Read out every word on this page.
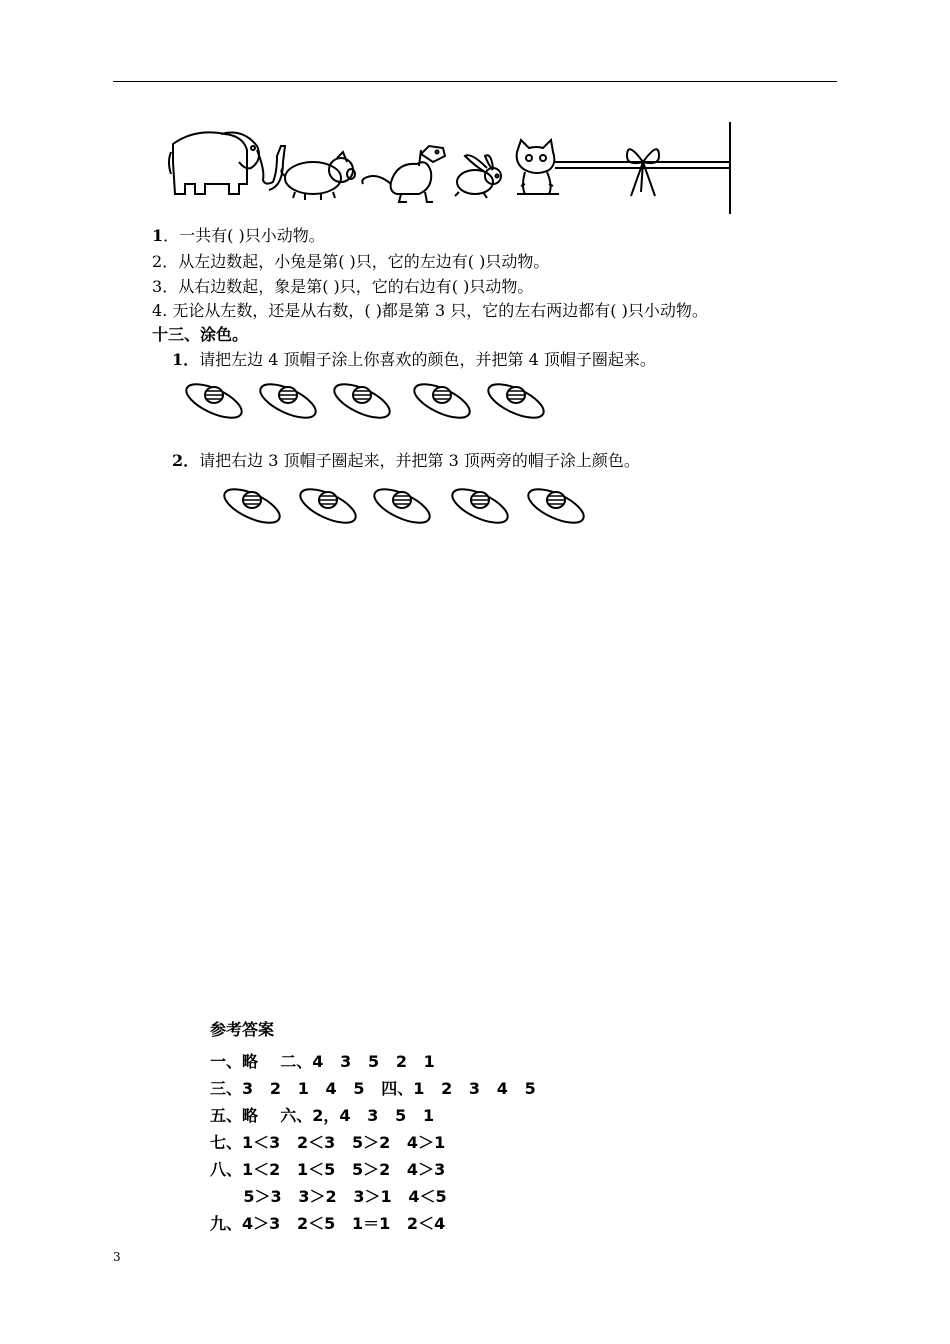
1．一共有( )只小动物。
2．从左边数起，小兔是第( )只，它的左边有( )只动物。
3．从右边数起，象是第( )只，它的右边有( )只动物。
4. 无论从左数，还是从右数，( )都是第 3 只，它的左右两边都有( )只小动物。
十三、涂色。
1．请把左边 4 顶帽子涂上你喜欢的颜色，并把第 4 顶帽子圈起来。
2．请把右边 3 顶帽子圈起来，并把第 3 顶两旁的帽子涂上颜色。
参考答案
一、略    二、4   3   5   2   1
三、3   2   1   4   5   四、1   2   3   4   5
五、略    六、2，4   3   5   1
七、1＜3   2＜3   5＞2   4＞1
八、1＜2   1＜5   5＞2   4＞3
5＞3   3＞2   3＞1   4＜5
九、4＞3   2＜5   1＝1   2＜4
3
